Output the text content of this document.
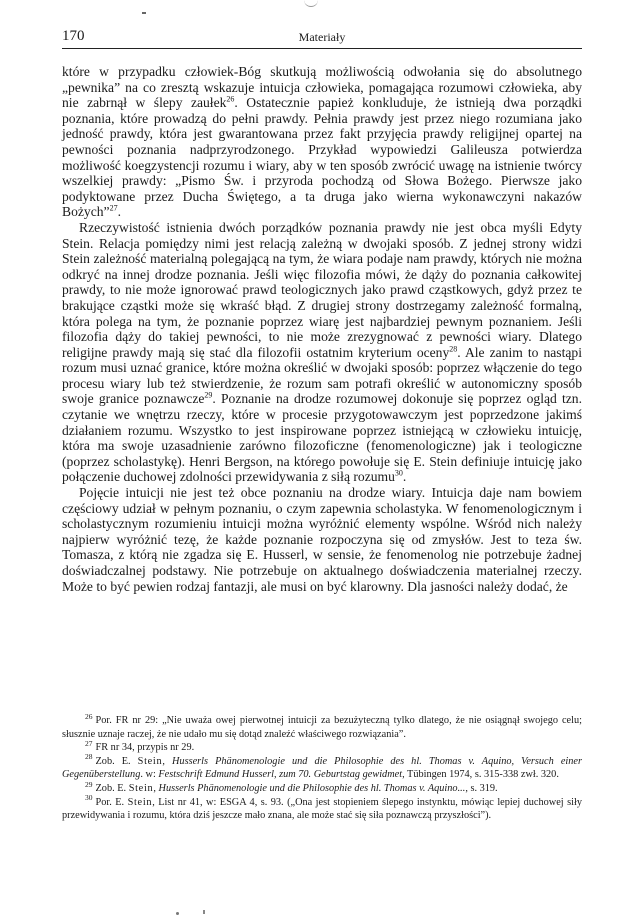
170	Materiały

które w przypadku człowiek-Bóg skutkują możliwością odwołania się do absolutnego „pewnika” na co zresztą wskazuje intuicja człowieka, pomagająca rozumowi człowieka, aby nie zabrnął w ślepy zaułek$^{26}$. Ostatecznie papież konkluduje, że istnieją dwa porządki poznania, które prowadzą do pełni prawdy. Pełnia prawdy jest przez niego rozumiana jako jedność prawdy, która jest gwarantowana przez fakt przyjęcia prawdy religijnej opartej na pewności poznania nadprzyrodzonego. Przykład wypowiedzi Galileusza potwierdza możliwość koegzystencji rozumu i wiary, aby w ten sposób zwrócić uwagę na istnienie twórcy wszelkiej prawdy: „Pismo Św. i przyroda pochodzą od Słowa Bożego. Pierwsze jako podyktowane przez Ducha Świętego, a ta druga jako wierna wykonawczyni nakazów Bożych”$^{27}$.

Rzeczywistość istnienia dwóch porządków poznania prawdy nie jest obca myśli Edyty Stein. Relacja pomiędzy nimi jest relacją zależną w dwojaki sposób. Z jednej strony widzi Stein zależność materialną polegającą na tym, że wiara podaje nam prawdy, których nie można odkryć na innej drodze poznania. Jeśli więc filozofia mówi, że dąży do poznania całkowitej prawdy, to nie może ignorować prawd teologicznych jako prawd cząstkowych, gdyż przez te brakujące cząstki może się wkraść błąd. Z drugiej strony dostrzegamy zależność formalną, która polega na tym, że poznanie poprzez wiarę jest najbardziej pewnym poznaniem. Jeśli filozofia dąży do takiej pewności, to nie może zrezygnować z pewności wiary. Dlatego religijne prawdy mają się stać dla filozofii ostatnim kryterium oceny$^{28}$. Ale zanim to nastąpi rozum musi uznać granice, które można określić w dwojaki sposób: poprzez włączenie do tego procesu wiary lub też stwierdzenie, że rozum sam potrafi określić w autonomiczny sposób swoje granice poznawcze$^{29}$. Poznanie na drodze rozumowej dokonuje się poprzez ogląd tzn. czytanie we wnętrzu rzeczy, które w procesie przygotowawczym jest poprzedzone jakimś działaniem rozumu. Wszystko to jest inspirowane poprzez istniejącą w człowieku intuicję, która ma swoje uzasadnienie zarówno filozoficzne (fenomenologiczne) jak i teologiczne (poprzez scholastykę). Henri Bergson, na którego powołuje się E. Stein definiuje intuicję jako połączenie duchowej zdolności przewidywania z siłą rozumu$^{30}$.

Pojęcie intuicji nie jest też obce poznaniu na drodze wiary. Intuicja daje nam bowiem częściowy udział w pełnym poznaniu, o czym zapewnia scholastyka. W fenomenologicznym i scholastycznym rozumieniu intuicji można wyróżnić elementy wspólne. Wśród nich należy najpierw wyróżnić tezę, że każde poznanie rozpoczyna się od zmysłów. Jest to teza św. Tomasza, z którą nie zgadza się E. Husserl, w sensie, że fenomenolog nie potrzebuje żadnej doświadczalnej podstawy. Nie potrzebuje on aktualnego doświadczenia materialnej rzeczy. Może to być pewien rodzaj fantazji, ale musi on być klarowny. Dla jasności należy dodać, że

$^{26}$ Por. FR nr 29: „Nie uważa owej pierwotnej intuicji za bezużyteczną tylko dlatego, że nie osiągnął swojego celu; słusznie uznaje raczej, że nie udało mu się dotąd znaleźć właściwego rozwiązania”.

$^{27}$ FR nr 34, przypis nr 29.

$^{28}$ Zob. E. Stein, Husserls Phänomenologie und die Philosophie des hl. Thomas v. Aquino, Versuch einer Gegenüberstellung. w: Festschrift Edmund Husserl, zum 70. Geburtstag gewidmet, Tübingen 1974, s. 315-338 zwł. 320.

$^{29}$ Zob. E. Stein, Husserls Phänomenologie und die Philosophie des hl. Thomas v. Aquino..., s. 319.

$^{30}$ Por. E. Stein, List nr 41, w: ESGA 4, s. 93. („Ona jest stopieniem ślepego instynktu, mówiąc lepiej duchowej siły przewidywania i rozumu, która dziś jeszcze mało znana, ale może stać się siła poznawczą przyszłości”).
